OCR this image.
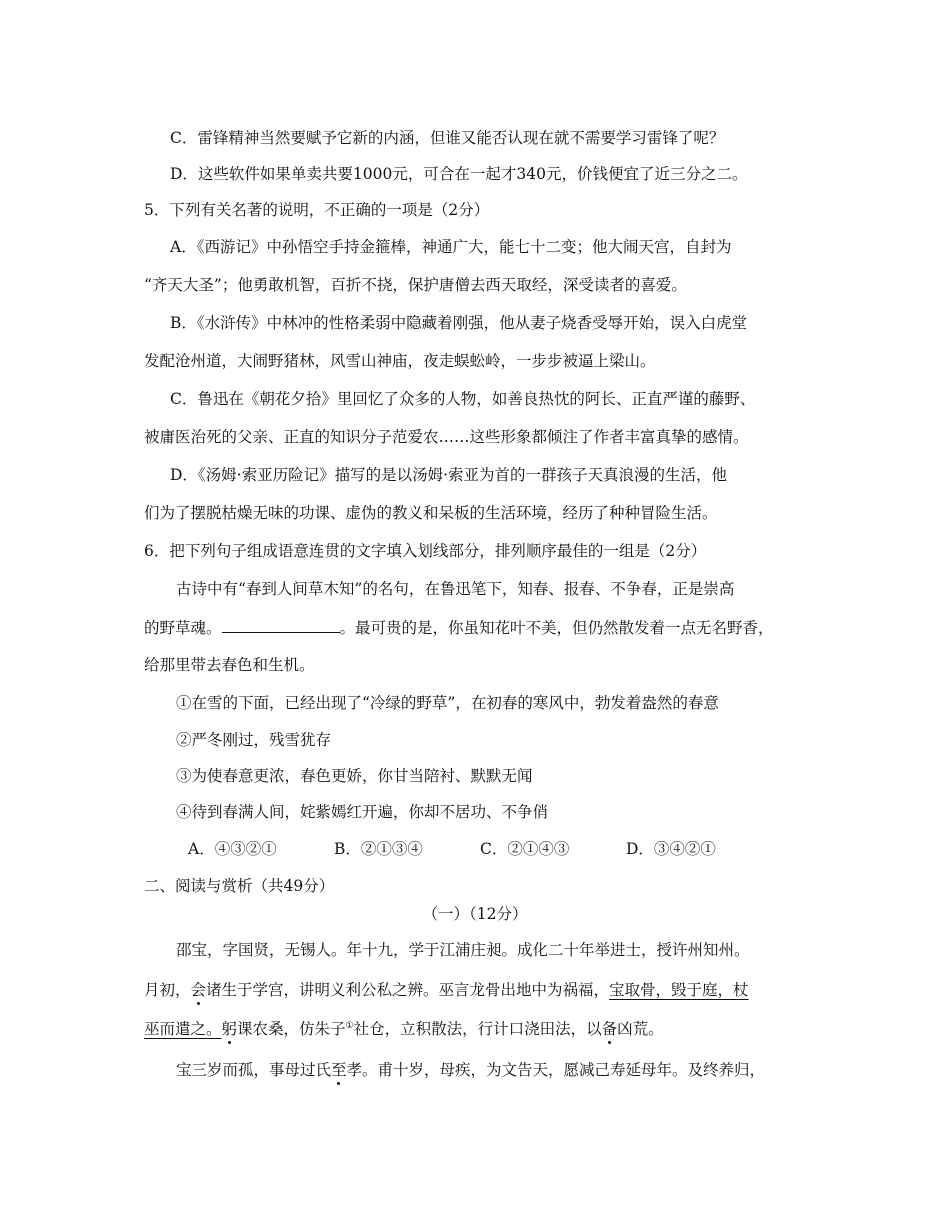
C．雷锋精神当然要赋予它新的内涵，但谁又能否认现在就不需要学习雷锋了呢？

D．这些软件如果单卖共要1000元，可合在一起才340元，价钱便宜了近三分之二。

5．下列有关名著的说明，不正确的一项是（2分）

A．《西游记》中孙悟空手持金箍棒，神通广大，能七十二变；他大闹天宫，自封为

“齐天大圣”；他勇敢机智，百折不挠，保护唐僧去西天取经，深受读者的喜爱。

B．《水浒传》中林冲的性格柔弱中隐藏着刚强，他从妻子烧香受辱开始，误入白虎堂

发配沧州道，大闹野猪林，风雪山神庙，夜走蜈蚣岭，一步步被逼上梁山。

C．鲁迅在《朝花夕拾》里回忆了众多的人物，如善良热忱的阿长、正直严谨的藤野、

被庸医治死的父亲、正直的知识分子范爱农……这些形象都倾注了作者丰富真挚的感情。

D．《汤姆·索亚历险记》描写的是以汤姆·索亚为首的一群孩子天真浪漫的生活，他

们为了摆脱枯燥无味的功课、虚伪的教义和呆板的生活环境，经历了种种冒险生活。

6．把下列句子组成语意连贯的文字填入划线部分，排列顺序最佳的一组是（2分）

古诗中有“春到人间草木知”的名句，在鲁迅笔下，知春、报春、不争春，正是崇高

的野草魂。	。最可贵的是，你虽知花叶不美，但仍然散发着一点无名野香，

给那里带去春色和生机。

①在雪的下面，已经出现了“冷绿的野草”，在初春的寒风中，勃发着盎然的春意

②严冬刚过，残雪犹存

③为使春意更浓，春色更娇，你甘当陪衬、默默无闻

④待到春满人间，姹紫嫣红开遍，你却不居功、不争俏

A．④③②①	B．②①③④	C．②①④③	D．③④②①

二、阅读与赏析（共49分）

（一）（12分）

邵宝，字国贤，无锡人。年十九，学于江浦庄昶。成化二十年举进士，授许州知州。

月初，会诸生于学宫，讲明义利公私之辨。巫言龙骨出地中为祸福，宝取骨，毁于庭，杖

巫而遣之。躬课农桑，仿朱子①社仓，立积散法，行计口浇田法，以备凶荒。

宝三岁而孤，事母过氏至孝。甫十岁，母疾，为文告天，愿减己寿延母年。及终养归，
